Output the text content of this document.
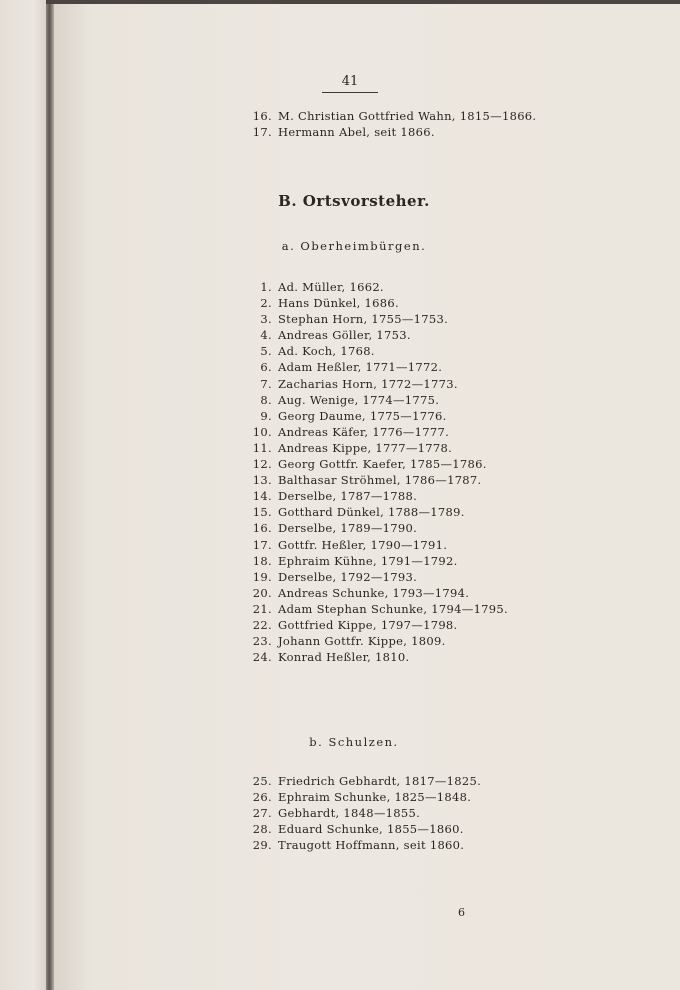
41
16. M. Christian Gottfried Wahn, 1815—1866.
17. Hermann Abel, seit 1866.
B. Ortsvorsteher.
a. Oberheimbürgen.
1. Ad. Müller, 1662.
2. Hans Dünkel, 1686.
3. Stephan Horn, 1755—1753.
4. Andreas Göller, 1753.
5. Ad. Koch, 1768.
6. Adam Heßler, 1771—1772.
7. Zacharias Horn, 1772—1773.
8. Aug. Wenige, 1774—1775.
9. Georg Daume, 1775—1776.
10. Andreas Käfer, 1776—1777.
11. Andreas Kippe, 1777—1778.
12. Georg Gottfr. Kaefer, 1785—1786.
13. Balthasar Ströhmel, 1786—1787.
14. Derselbe, 1787—1788.
15. Gotthard Dünkel, 1788—1789.
16. Derselbe, 1789—1790.
17. Gottfr. Heßler, 1790—1791.
18. Ephraim Kühne, 1791—1792.
19. Derselbe, 1792—1793.
20. Andreas Schunke, 1793—1794.
21. Adam Stephan Schunke, 1794—1795.
22. Gottfried Kippe, 1797—1798.
23. Johann Gottfr. Kippe, 1809.
24. Konrad Heßler, 1810.
b. Schulzen.
25. Friedrich Gebhardt, 1817—1825.
26. Ephraim Schunke, 1825—1848.
27. Gebhardt, 1848—1855.
28. Eduard Schunke, 1855—1860.
29. Traugott Hoffmann, seit 1860.
6
